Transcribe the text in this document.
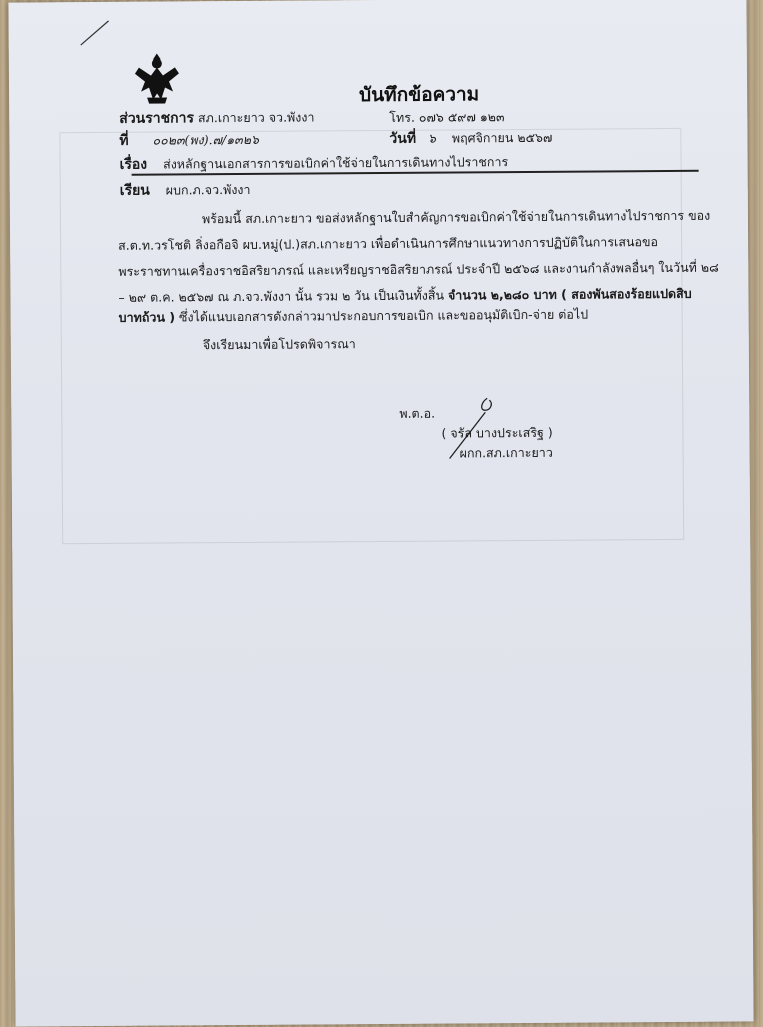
บันทึกข้อความ
ส่วนราชการ สภ.เกาะยาว จว.พังงา	โทร. ๐๗๖ ๕๙๗ ๑๒๓
ที่ ๐๐๒๓(พง).๗/๑๓๒๖	วันที่ ๖ พฤศจิกายน ๒๕๖๗
เรื่อง ส่งหลักฐานเอกสารการขอเบิกค่าใช้จ่ายในการเดินทางไปราชการ
เรียน ผบก.ภ.จว.พังงา
พร้อมนี้ สภ.เกาะยาว ขอส่งหลักฐานใบสำคัญการขอเบิกค่าใช้จ่ายในการเดินทางไปราชการ ของ
ส.ต.ท.วรโชติ ลิ่งอกือจิ ผบ.หมู่(ป.)สภ.เกาะยาว เพื่อดำเนินการศึกษาแนวทางการปฏิบัติในการเสนอขอ
พระราชทานเครื่องราชอิสริยาภรณ์ และเหรียญราชอิสริยาภรณ์ ประจำปี ๒๕๖๘ และงานกำลังพลอื่นๆ ในวันที่ ๒๘
– ๒๙ ต.ค. ๒๕๖๗ ณ ภ.จว.พังงา นั้น รวม ๒ วัน เป็นเงินทั้งสิ้น จำนวน ๒,๒๘๐ บาท ( สองพันสองร้อยแปดสิบ
บาทถ้วน ) ซึ่งได้แนบเอกสารดังกล่าวมาประกอบการขอเบิก และขออนุมัติเบิก-จ่าย ต่อไป
จึงเรียนมาเพื่อโปรดพิจารณา
พ.ต.อ.
( จรัล บางประเสริฐ )
ผกก.สภ.เกาะยาว
